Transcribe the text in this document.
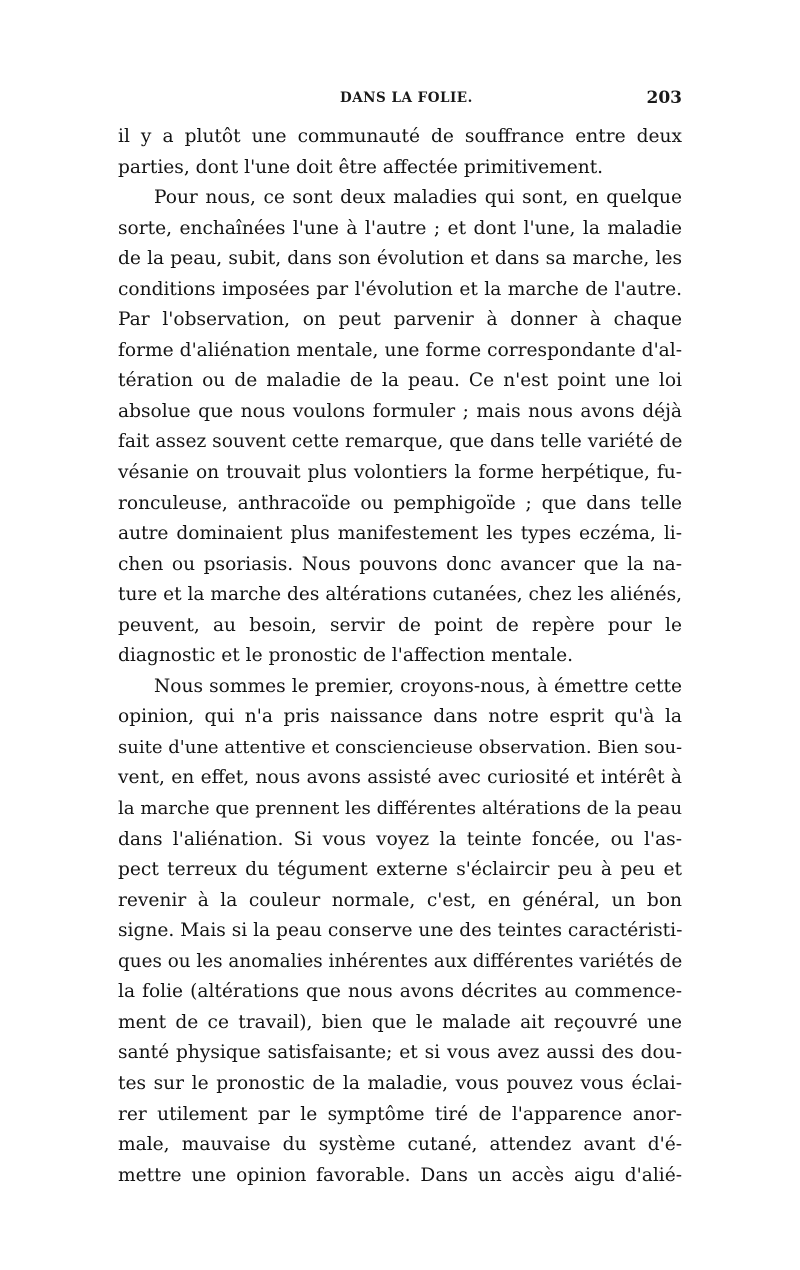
DANS LA FOLIE.	203
il y a plutôt une communauté de souffrance entre deux
parties, dont l'une doit être affectée primitivement.
Pour nous, ce sont deux maladies qui sont, en quelque
sorte, enchaînées l'une à l'autre ; et dont l'une, la maladie
de la peau, subit, dans son évolution et dans sa marche, les
conditions imposées par l'évolution et la marche de l'autre.
Par l'observation, on peut parvenir à donner à chaque
forme d'aliénation mentale, une forme correspondante d'al-
tération ou de maladie de la peau. Ce n'est point une loi
absolue que nous voulons formuler ; mais nous avons déjà
fait assez souvent cette remarque, que dans telle variété de
vésanie on trouvait plus volontiers la forme herpétique, fu-
ronculeuse, anthracoïde ou pemphigoïde ; que dans telle
autre dominaient plus manifestement les types eczéma, li-
chen ou psoriasis. Nous pouvons donc avancer que la na-
ture et la marche des altérations cutanées, chez les aliénés,
peuvent, au besoin, servir de point de repère pour le
diagnostic et le pronostic de l'affection mentale.
Nous sommes le premier, croyons-nous, à émettre cette
opinion, qui n'a pris naissance dans notre esprit qu'à la
suite d'une attentive et consciencieuse observation. Bien sou-
vent, en effet, nous avons assisté avec curiosité et intérêt à
la marche que prennent les différentes altérations de la peau
dans l'aliénation. Si vous voyez la teinte foncée, ou l'as-
pect terreux du tégument externe s'éclaircir peu à peu et
revenir à la couleur normale, c'est, en général, un bon
signe. Mais si la peau conserve une des teintes caractéristi-
ques ou les anomalies inhérentes aux différentes variétés de
la folie (altérations que nous avons décrites au commence-
ment de ce travail), bien que le malade ait reçouvré une
santé physique satisfaisante; et si vous avez aussi des dou-
tes sur le pronostic de la maladie, vous pouvez vous éclai-
rer utilement par le symptôme tiré de l'apparence anor-
male, mauvaise du système cutané, attendez avant d'é-
mettre une opinion favorable. Dans un accès aigu d'alié-
